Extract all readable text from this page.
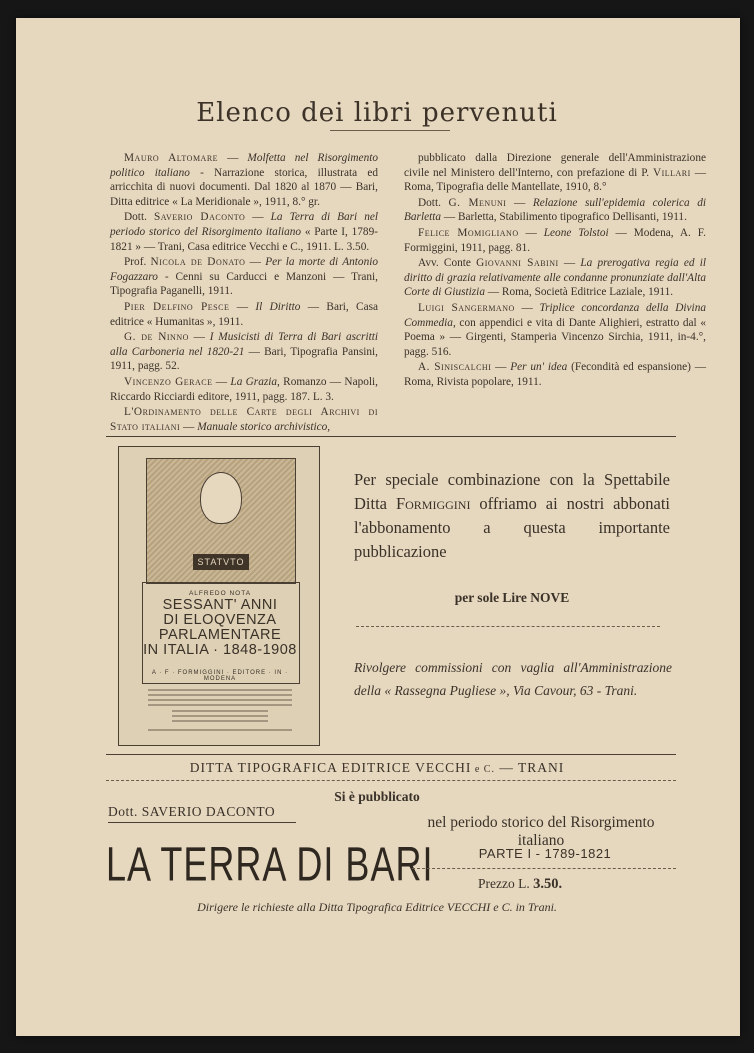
Elenco dei libri pervenuti

Mauro Altomare — Molfetta nel Risorgimento politico italiano - Narrazione storica, illustrata ed arricchita di nuovi documenti. Dal 1820 al 1870 — Bari, Ditta editrice « La Meridionale », 1911, 8.° gr.

Dott. Saverio Daconto — La Terra di Bari nel periodo storico del Risorgimento italiano « Parte I, 1789-1821 » — Trani, Casa editrice Vecchi e C., 1911. L. 3.50.

Prof. Nicola de Donato — Per la morte di Antonio Fogazzaro - Cenni su Carducci e Manzoni — Trani, Tipografia Paganelli, 1911.

Pier Delfino Pesce — Il Diritto — Bari, Casa editrice « Humanitas », 1911.

G. de Ninno — I Musicisti di Terra di Bari ascritti alla Carboneria nel 1820-21 — Bari, Tipografia Pansini, 1911, pagg. 52.

Vincenzo Gerace — La Grazia, Romanzo — Napoli, Riccardo Ricciardi editore, 1911, pagg. 187. L. 3.

L'Ordinamento delle Carte degli Archivi di Stato italiani — Manuale storico archivistico,

pubblicato dalla Direzione generale dell'Amministrazione civile nel Ministero dell'Interno, con prefazione di P. Villari — Roma, Tipografia delle Mantellate, 1910, 8.°

Dott. G. Menuni — Relazione sull'epidemia colerica di Barletta — Barletta, Stabilimento tipografico Dellisanti, 1911.

Felice Momigliano — Leone Tolstoi — Modena, A. F. Formiggini, 1911, pagg. 81.

Avv. Conte Giovanni Sabini — La prerogativa regia ed il diritto di grazia relativamente alle condanne pronunziate dall'Alta Corte di Giustizia — Roma, Società Editrice Laziale, 1911.

Luigi Sangermano — Triplice concordanza della Divina Commedia, con appendici e vita di Dante Alighieri, estratto dal « Poema » — Girgenti, Stamperia Vincenzo Sirchia, 1911, in-4.°, pagg. 516.

A. Siniscalchi — Per un' idea (Fecondità ed espansione) — Roma, Rivista popolare, 1911.

STATVTO
ALFREDO NOTA
SESSANT' ANNI
DI ELOQVENZA
PARLAMENTARE
IN ITALIA · 1848-1908
A · F · FORMIGGINI · EDITORE · IN · MODENA
Per speciale combinazione con la Spettabile Ditta Formiggini offriamo ai nostri abbonati l'abbonamento a questa importante pubblicazione
per sole Lire NOVE
Rivolgere commissioni con vaglia all'Amministrazione della « Rassegna Pugliese », Via Cavour, 63 - Trani.
DITTA TIPOGRAFICA EDITRICE VECCHI e C. — TRANI
Si è pubblicato
Dott. SAVERIO DACONTO
nel periodo storico del Risorgimento italiano
LA TERRA DI BARI	PARTE I - 1789-1821
Prezzo L. 3.50.
Dirigere le richieste alla Ditta Tipografica Editrice VECCHI e C. in Trani.
